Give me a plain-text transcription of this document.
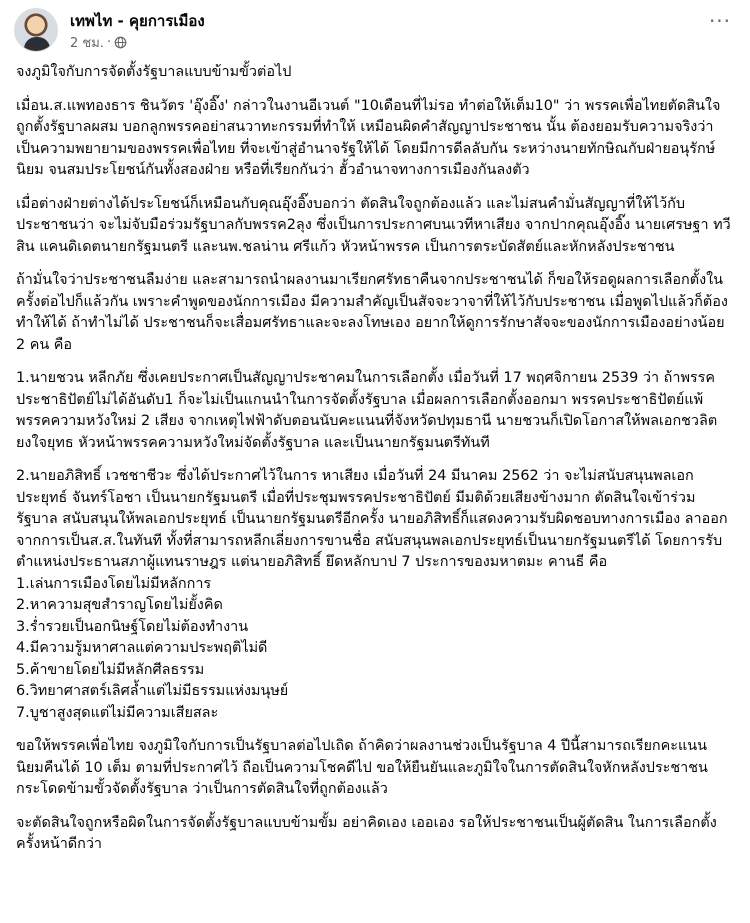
เทพไท - คุยการเมือง
2 ชม. ·
···

จงภูมิใจกับการจัดตั้งรัฐบาลแบบข้ามขั้วต่อไป

เมื่อน.ส.แพทองธาร ชินวัตร 'อุ๊งอิ๊ง' กล่าวในงานอีเวนต์ "10เดือนที่ไม่รอ ทำต่อให้เต็ม10" ว่า พรรคเพื่อไทยตัดสินใจถูกตั้งรัฐบาลผสม บอกลูกพรรคอย่าสนวาทะกรรมที่ทำให้ เหมือนผิดคำสัญญาประชาชน นั้น ต้องยอมรับความจริงว่าเป็นความพยายามของพรรคเพื่อไทย ที่จะเข้าสู่อำนาจรัฐให้ได้ โดยมีการดีลลับกัน ระหว่างนายทักษิณกับฝ่ายอนุรักษ์นิยม จนสมประโยชน์กันทั้งสองฝ่าย หรือที่เรียกกันว่า ฮั้วอำนาจทางการเมืองกันลงตัว

เมื่อต่างฝ่ายต่างได้ประโยชน์ก็เหมือนกับคุณอุ๊งอิ๊งบอกว่า ตัดสินใจถูกต้องแล้ว และไม่สนคำมั่นสัญญาที่ให้ไว้กับประชาชนว่า จะไม่จับมือร่วมรัฐบาลกับพรรค2ลุง ซึ่งเป็นการประกาศบนเวทีหาเสียง จากปากคุณอุ๊งอิ๊ง นายเศรษฐา ทวีสิน แคนดิเดตนายกรัฐมนตรี และนพ.ชลน่าน ศรีแก้ว หัวหน้าพรรค เป็นการตระบัดสัตย์และหักหลังประชาชน

ถ้ามั่นใจว่าประชาชนลืมง่าย และสามารถนำผลงานมาเรียกศรัทธาคืนจากประชาชนได้ ก็ขอให้รอดูผลการเลือกตั้งในครั้งต่อไปก็แล้วกัน เพราะคำพูดของนักการเมือง มีความสำคัญเป็นสัจจะวาจาที่ให้ไว้กับประชาชน เมื่อพูดไปแล้วก็ต้องทำให้ได้ ถ้าทำไม่ได้ ประชาชนก็จะเสื่อมศรัทธาและจะลงโทษเอง อยากให้ดูการรักษาสัจจะของนักการเมืองอย่างน้อย 2 คน คือ

1.นายชวน หลีกภัย ซึ่งเคยประกาศเป็นสัญญาประชาคมในการเลือกตั้ง เมื่อวันที่ 17 พฤศจิกายน 2539 ว่า ถ้าพรรคประชาธิปัตย์ไม่ได้อันดับ1 ก็จะไม่เป็นแกนนำในการจัดตั้งรัฐบาล เมื่อผลการเลือกตั้งออกมา พรรคประชาธิปัตย์แพ้พรรคความหวังใหม่ 2 เสียง จากเหตุไฟฟ้าดับตอนนับคะแนนที่จังหวัดปทุมธานี นายชวนก็เปิดโอกาสให้พลเอกชวลิต ยงใจยุทธ หัวหน้าพรรคความหวังใหม่จัดตั้งรัฐบาล และเป็นนายกรัฐมนตรีทันที

2.นายอภิสิทธิ์ เวชชาชีวะ ซึ่งได้ประกาศไว้ในการ หาเสียง เมื่อวันที่ 24 มีนาคม 2562 ว่า จะไม่สนับสนุนพลเอกประยุทธ์ จันทร์โอชา เป็นนายกรัฐมนตรี เมื่อที่ประชุมพรรคประชาธิปัตย์ มีมติด้วยเสียงข้างมาก ตัดสินใจเข้าร่วมรัฐบาล สนับสนุนให้พลเอกประยุทธ์ เป็นนายกรัฐมนตรีอีกครั้ง นายอภิสิทธิ์ก็แสดงความรับผิดชอบทางการเมือง ลาออกจากการเป็นส.ส.ในทันที ทั้งที่สามารถหลีกเลี่ยงการขานชื่อ สนับสนุนพลเอกประยุทธ์เป็นนายกรัฐมนตรีได้ โดยการรับตำแหน่งประธานสภาผู้แทนราษฎร แต่นายอภิสิทธิ์ ยึดหลักบาป 7 ประการของมหาตมะ คานธี คือ

1.เล่นการเมืองโดยไม่มีหลักการ

2.หาความสุขสำราญโดยไม่ยั้งคิด

3.ร่ำรวยเป็นอกนิษฐ์โดยไม่ต้องทำงาน

4.มีความรู้มหาศาลแต่ความประพฤติไม่ดี

5.ค้าขายโดยไม่มีหลักศีลธรรม

6.วิทยาศาสตร์เลิศล้ำแต่ไม่มีธรรมแห่งมนุษย์

7.บูชาสูงสุดแต่ไม่มีความเสียสละ

ขอให้พรรคเพื่อไทย จงภูมิใจกับการเป็นรัฐบาลต่อไปเถิด ถ้าคิดว่าผลงานช่วงเป็นรัฐบาล 4 ปีนี้สามารถเรียกคะแนนนิยมคืนได้ 10 เต็ม ตามที่ประกาศไว้ ถือเป็นความโชคดีไป ขอให้ยืนยันและภูมิใจในการตัดสินใจหักหลังประชาชน กระโดดข้ามขั้วจัดตั้งรัฐบาล ว่าเป็นการตัดสินใจที่ถูกต้องแล้ว

จะตัดสินใจถูกหรือผิดในการจัดตั้งรัฐบาลแบบข้ามขั้ม อย่าคิดเอง เออเอง รอให้ประชาชนเป็นผู้ตัดสิน ในการเลือกตั้งครั้งหน้าดีกว่า
